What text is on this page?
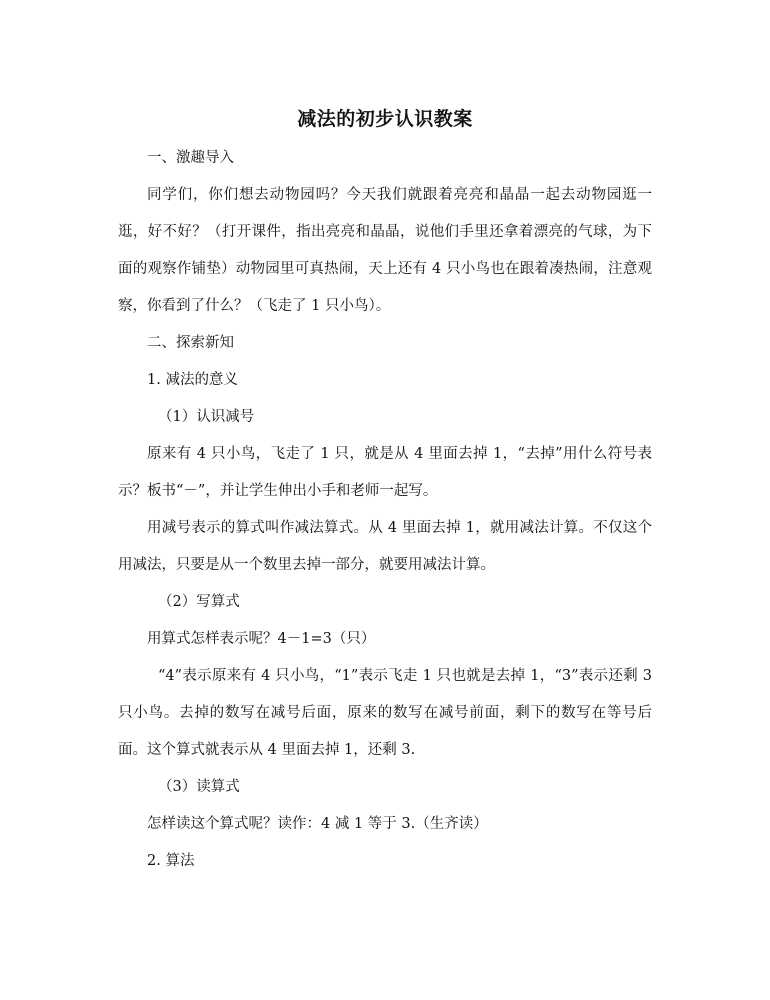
减法的初步认识教案

一、激趣导入

同学们，你们想去动物园吗？今天我们就跟着亮亮和晶晶一起去动物园逛一逛，好不好？（打开课件，指出亮亮和晶晶，说他们手里还拿着漂亮的气球，为下面的观察作铺垫）动物园里可真热闹，天上还有 4 只小鸟也在跟着凑热闹，注意观察，你看到了什么？（飞走了 1 只小鸟）。

二、探索新知

1. 减法的意义

（1）认识减号

原来有 4 只小鸟，飞走了 1 只，就是从 4 里面去掉 1，“去掉”用什么符号表示？板书“－”，并让学生伸出小手和老师一起写。

用减号表示的算式叫作减法算式。从 4 里面去掉 1，就用减法计算。不仅这个用减法，只要是从一个数里去掉一部分，就要用减法计算。

（2）写算式

用算式怎样表示呢？4－1=3（只）

“4”表示原来有 4 只小鸟，“1”表示飞走 1 只也就是去掉 1，“3”表示还剩 3 只小鸟。去掉的数写在减号后面，原来的数写在减号前面，剩下的数写在等号后面。这个算式就表示从 4 里面去掉 1，还剩 3.

（3）读算式

怎样读这个算式呢？读作：4 减 1 等于 3.（生齐读）

2. 算法
